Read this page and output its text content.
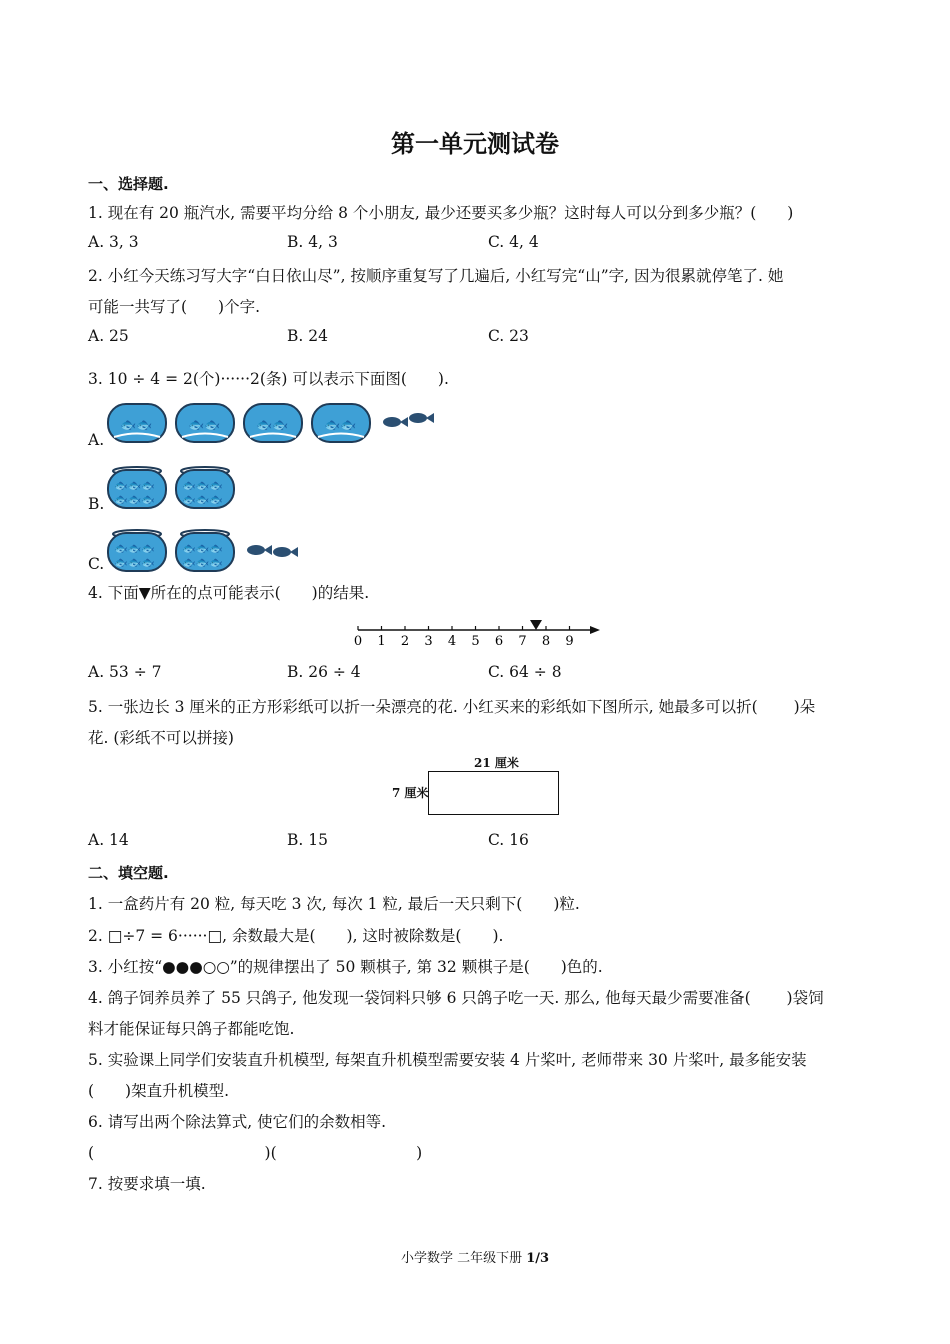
第一单元测试卷
一、选择题.
1. 现在有 20 瓶汽水, 需要平均分给 8 个小朋友, 最少还要买多少瓶？这时每人可以分到多少瓶？(　　)
A. 3, 3	B. 4, 3	C. 4, 4
2. 小红今天练习写大字“白日依山尽”, 按顺序重复写了几遍后, 小红写完“山”字, 因为很累就停笔了. 她
可能一共写了(　　)个字.
A. 25	B. 24	C. 23
3. 10 ÷ 4 = 2(个)······2(条) 可以表示下面图(　　).
A.
🐟🐟	🐟🐟	🐟🐟	🐟🐟
B.
🐟🐟🐟
🐟🐟🐟
🐟🐟🐟
🐟🐟🐟
C.
🐟🐟🐟
🐟🐟🐟
🐟🐟🐟
🐟🐟🐟
4. 下面▼所在的点可能表示(　　)的结果.
0 1 2 3 4 5 6 7 8 9
A. 53 ÷ 7	B. 26 ÷ 4	C. 64 ÷ 8
5. 一张边长 3 厘米的正方形彩纸可以折一朵漂亮的花. 小红买来的彩纸如下图所示, 她最多可以折(　　 )朵
花. (彩纸不可以拼接)
21 厘米
7 厘米
A. 14	B. 15	C. 16
二、填空题.
1. 一盒药片有 20 粒, 每天吃 3 次, 每次 1 粒, 最后一天只剩下(　　)粒.
2. □÷7 = 6······□, 余数最大是(　　), 这时被除数是(　　).
3. 小红按“●●●○○”的规律摆出了 50 颗棋子, 第 32 颗棋子是(　　)色的.
4. 鸽子饲养员养了 55 只鸽子, 他发现一袋饲料只够 6 只鸽子吃一天. 那么, 他每天最少需要准备(　　 )袋饲
料才能保证每只鸽子都能吃饱.
5. 实验课上同学们安装直升机模型, 每架直升机模型需要安装 4 片桨叶, 老师带来 30 片桨叶, 最多能安装
(　　)架直升机模型.
6. 请写出两个除法算式, 使它们的余数相等.
(　　　　　　　　　　　)(　　　　　　　　　)
7. 按要求填一填.
小学数学 二年级下册 1/3
